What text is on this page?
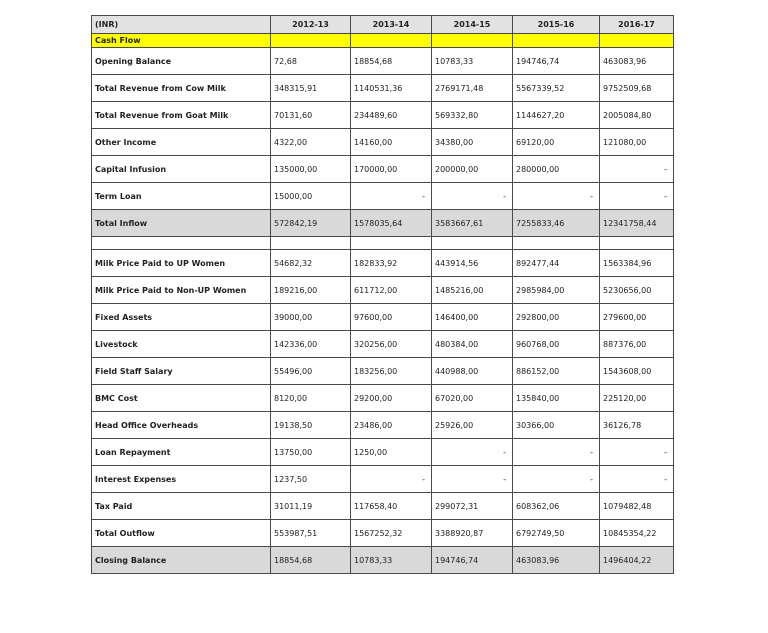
(INR)	2012-13	2013-14	2014-15	2015-16	2016-17
Cash Flow					
Opening Balance	72,68	18854,68	10783,33	194746,74	463083,96
Total Revenue from Cow Milk	348315,91	1140531,36	2769171,48	5567339,52	9752509,68
Total Revenue from Goat Milk	70131,60	234489,60	569332,80	1144627,20	2005084,80
Other Income	4322,00	14160,00	34380,00	69120,00	121080,00
Capital Infusion	135000,00	170000,00	200000,00	280000,00	-
Term Loan	15000,00	-	-	-	-
Total Inflow	572842,19	1578035,64	3583667,61	7255833,46	12341758,44

Milk Price Paid to UP Women	54682,32	182833,92	443914,56	892477,44	1563384,96
Milk Price Paid to Non-UP Women	189216,00	611712,00	1485216,00	2985984,00	5230656,00
Fixed Assets	39000,00	97600,00	146400,00	292800,00	279600,00
Livestock	142336,00	320256,00	480384,00	960768,00	887376,00
Field Staff Salary	55496,00	183256,00	440988,00	886152,00	1543608,00
BMC Cost	8120,00	29200,00	67020,00	135840,00	225120,00
Head Office Overheads	19138,50	23486,00	25926,00	30366,00	36126,78
Loan Repayment	13750,00	1250,00	-	-	-
Interest Expenses	1237,50	-	-	-	-
Tax Paid	31011,19	117658,40	299072,31	608362,06	1079482,48
Total Outflow	553987,51	1567252,32	3388920,87	6792749,50	10845354,22
Closing Balance	18854,68	10783,33	194746,74	463083,96	1496404,22
